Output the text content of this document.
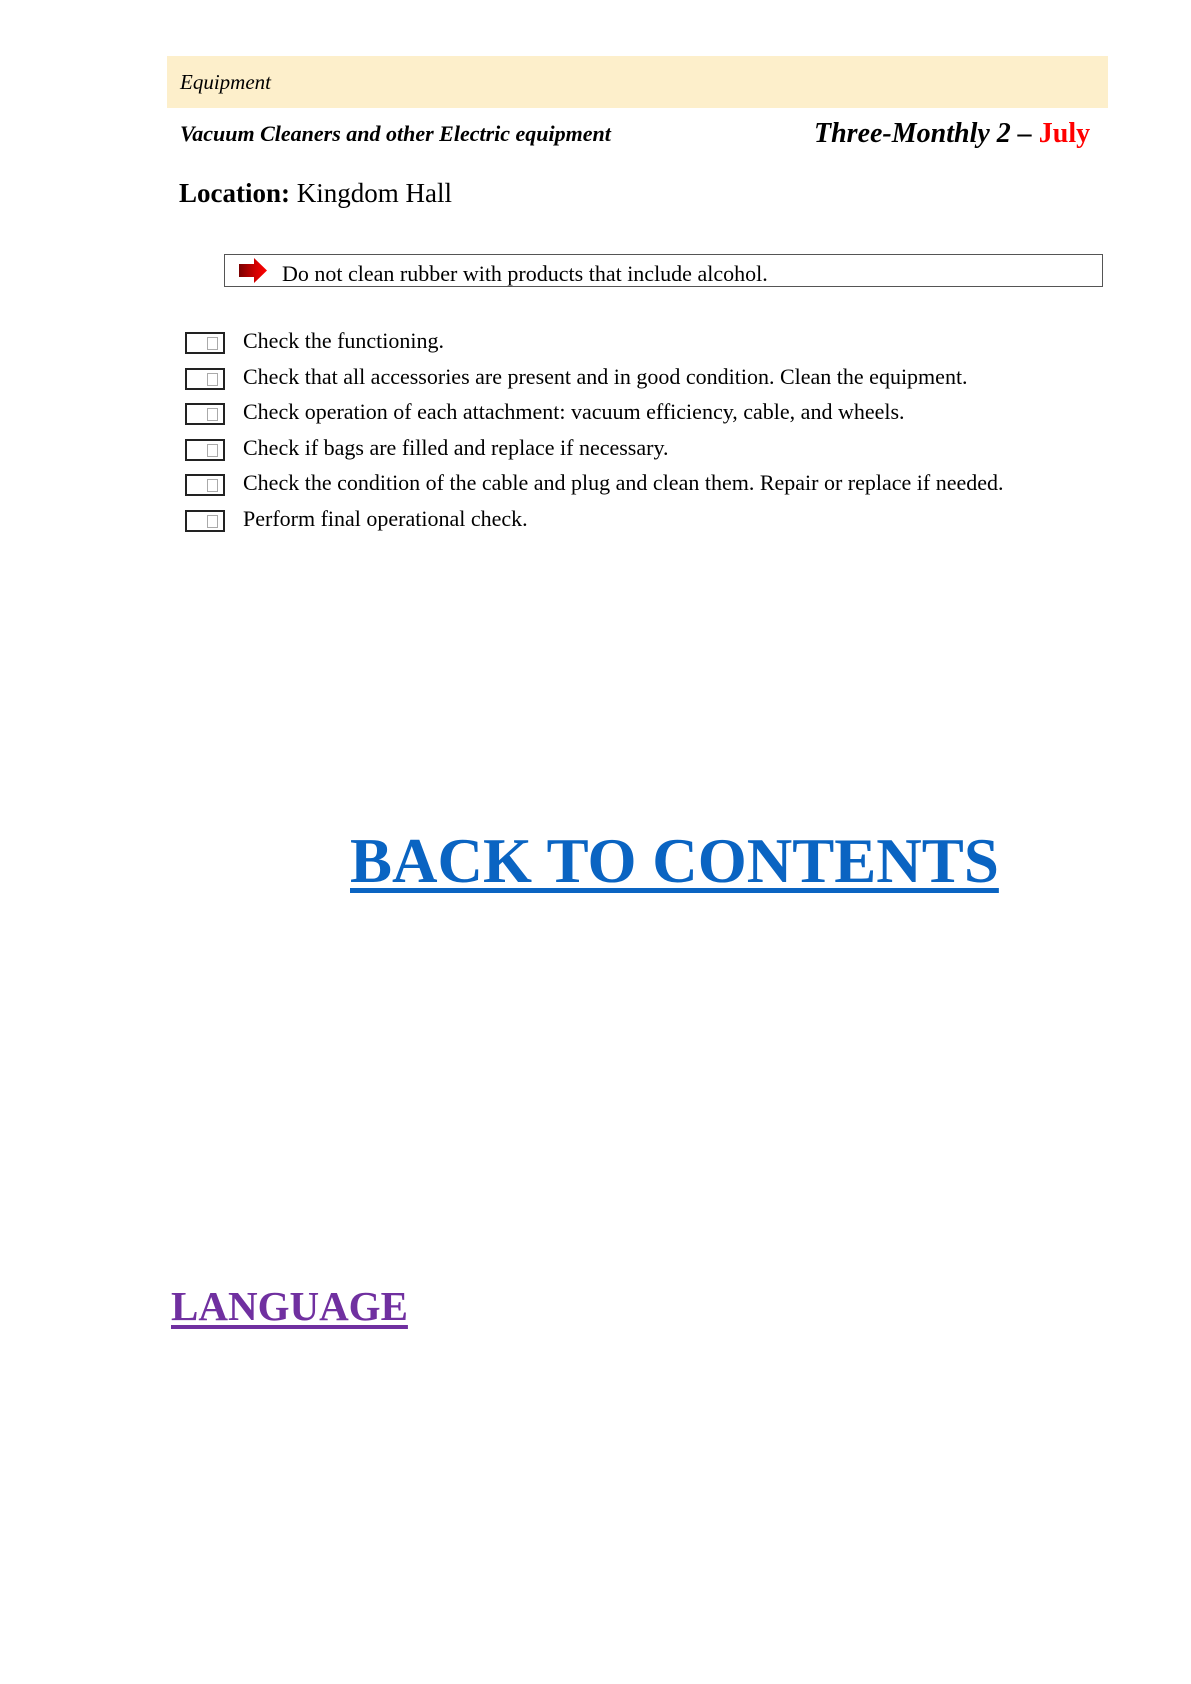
Equipment
Vacuum Cleaners and other Electric equipment	Three-Monthly 2 – July
Location: Kingdom Hall
Do not clean rubber with products that include alcohol.
Check the functioning.
Check that all accessories are present and in good condition. Clean the equipment.
Check operation of each attachment: vacuum efficiency, cable, and wheels.
Check if bags are filled and replace if necessary.
Check the condition of the cable and plug and clean them. Repair or replace if needed.
Perform final operational check.
BACK TO CONTENTS
LANGUAGE
